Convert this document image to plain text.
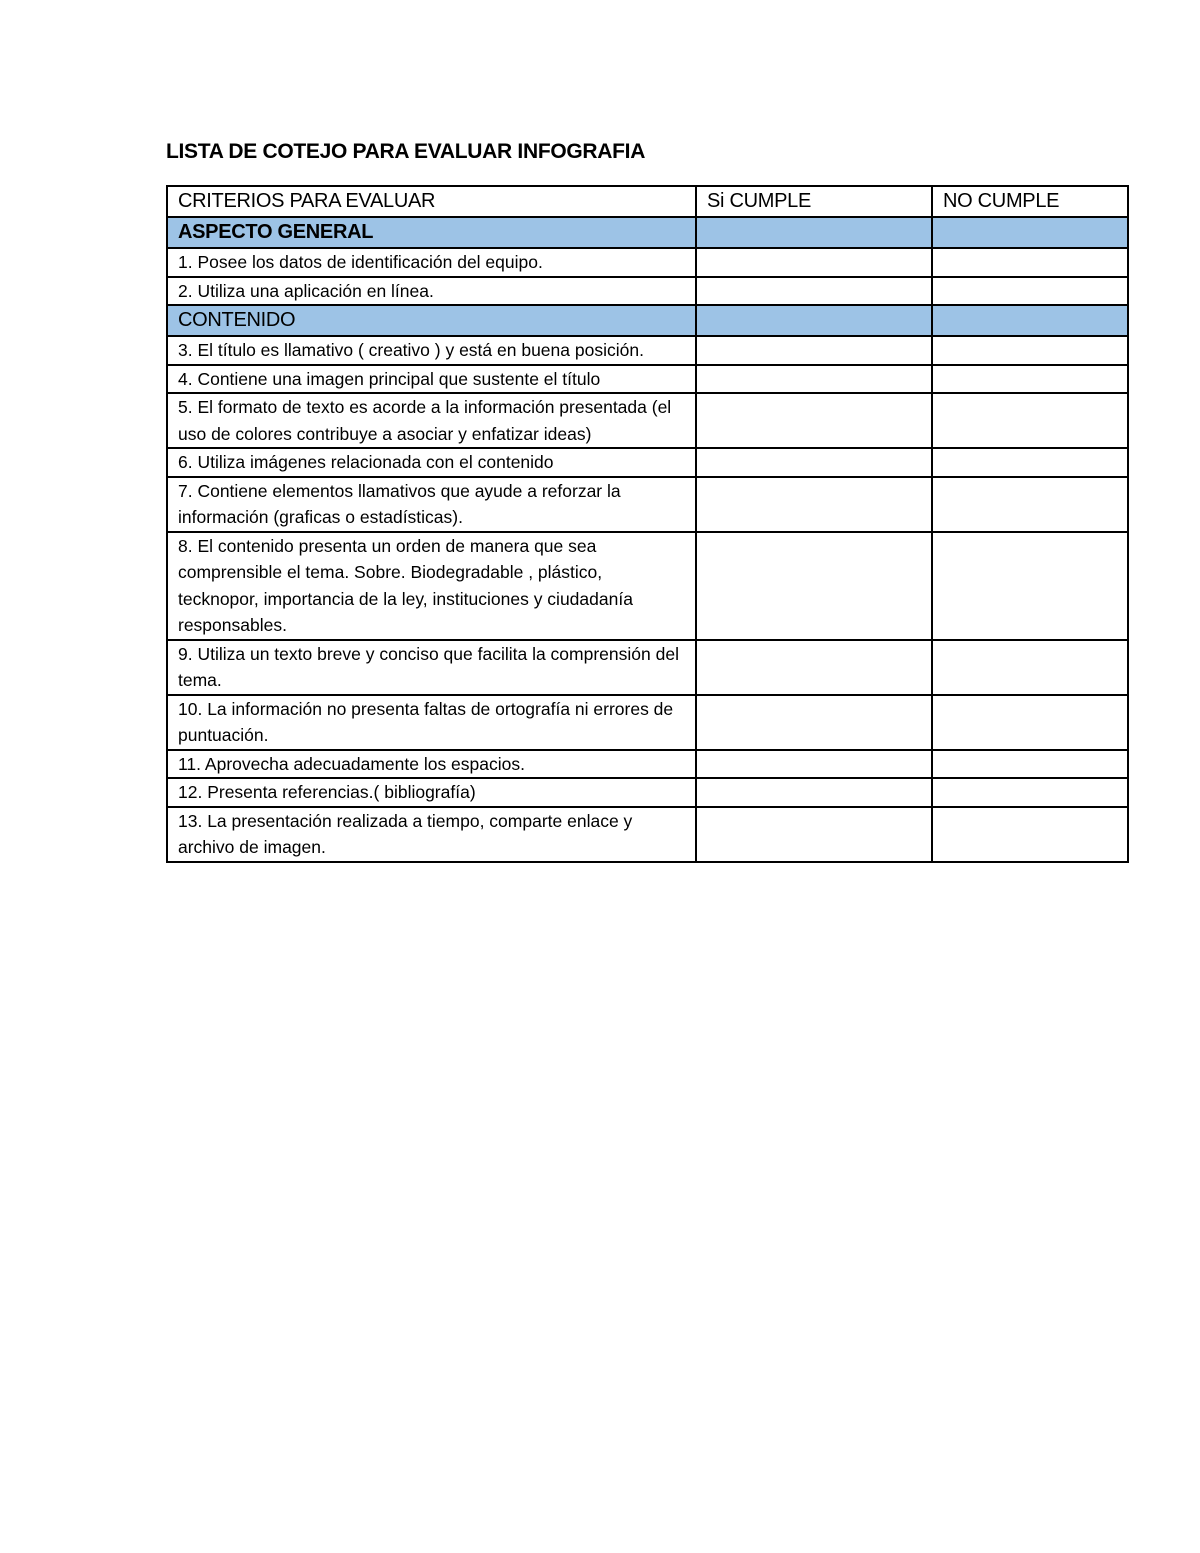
LISTA DE COTEJO PARA EVALUAR INFOGRAFIA
CRITERIOS PARA EVALUAR	Si CUMPLE	NO CUMPLE
ASPECTO GENERAL		
1. Posee los datos de identificación del equipo.		
2. Utiliza una aplicación en línea.		
CONTENIDO		
3. El título es llamativo ( creativo ) y está en buena posición.		
4. Contiene una imagen principal que sustente el título		
5. El formato de texto es acorde a la información presentada (el uso de colores contribuye a asociar y enfatizar ideas)		
6. Utiliza imágenes relacionada con el contenido		
7. Contiene elementos llamativos que ayude a reforzar la información (graficas o estadísticas).		
8. El contenido presenta un orden de manera que sea comprensible el tema. Sobre. Biodegradable , plástico, tecknopor, importancia de la ley, instituciones y ciudadanía responsables.		
9. Utiliza un texto breve y conciso que facilita la comprensión del tema.		
10. La información no presenta faltas de ortografía ni errores de puntuación.		
11. Aprovecha adecuadamente los espacios.		
12. Presenta referencias.( bibliografía)		
13. La presentación realizada a tiempo, comparte enlace y archivo de imagen.		
